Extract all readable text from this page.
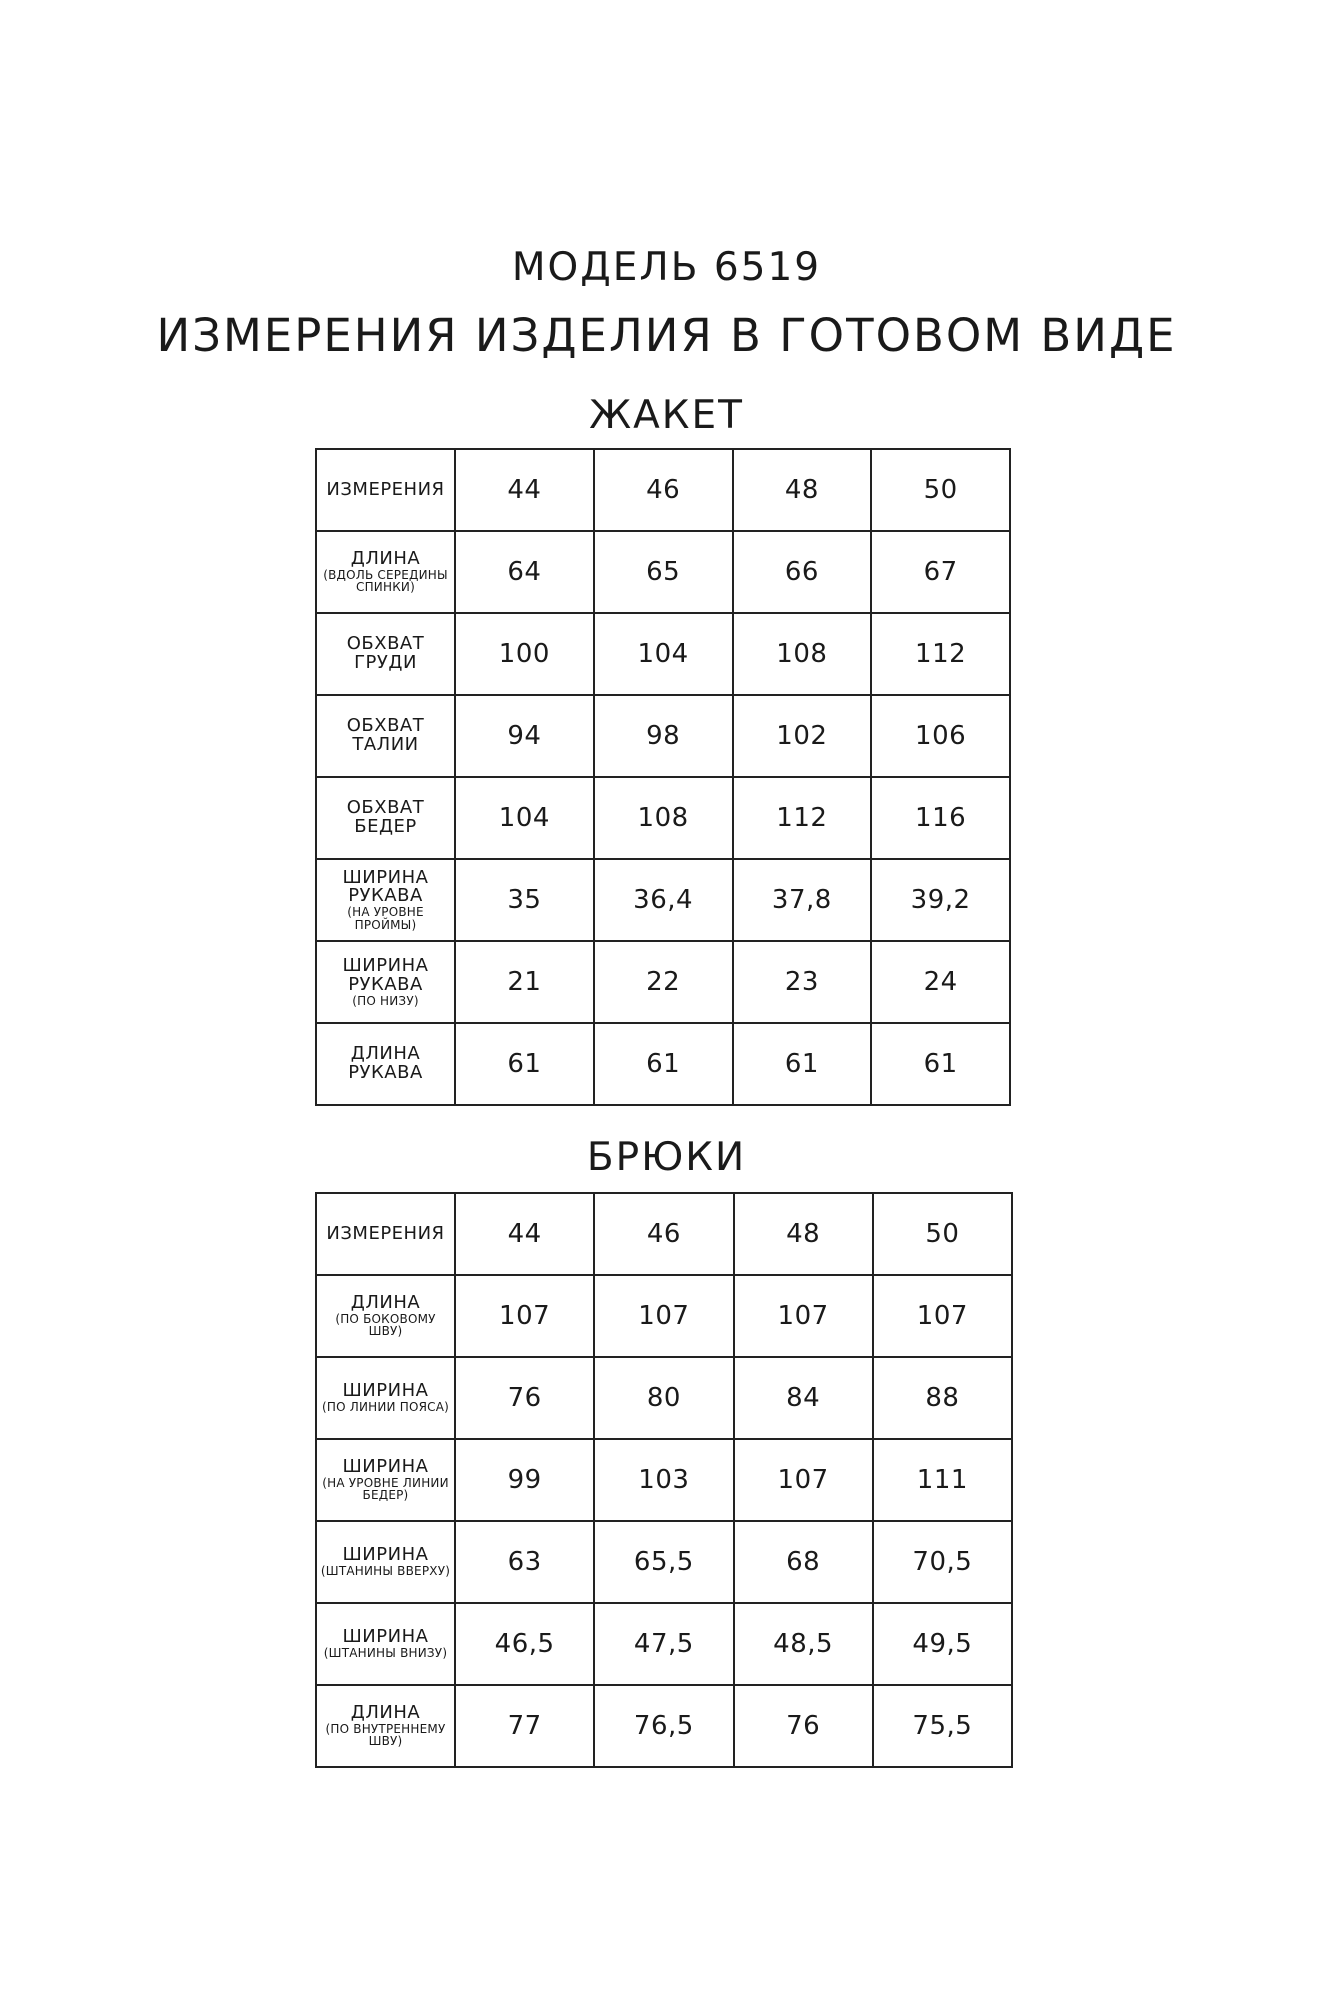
МОДЕЛЬ 6519
ИЗМЕРЕНИЯ ИЗДЕЛИЯ В ГОТОВОМ ВИДЕ
ЖАКЕТ
ИЗМЕРЕНИЯ	44	46	48	50

ДЛИНА
(ВДОЛЬ СЕРЕДИНЫ
СПИНКИ)	64	65	66	67

ОБХВАТ
ГРУДИ	100	104	108	112

ОБХВАТ
ТАЛИИ	94	98	102	106

ОБХВАТ
БЕДЕР	104	108	112	116

ШИРИНА
РУКАВА
(НА УРОВНЕ
ПРОЙМЫ)	35	36,4	37,8	39,2

ШИРИНА
РУКАВА
(ПО НИЗУ)	21	22	23	24

ДЛИНА
РУКАВА	61	61	61	61
БРЮКИ
ИЗМЕРЕНИЯ	44	46	48	50

ДЛИНА
(ПО БОКОВОМУ
ШВУ)	107	107	107	107

ШИРИНА
(ПО ЛИНИИ ПОЯСА)	76	80	84	88

ШИРИНА
(НА УРОВНЕ ЛИНИИ
БЕДЕР)	99	103	107	111

ШИРИНА
(ШТАНИНЫ ВВЕРХУ)	63	65,5	68	70,5

ШИРИНА
(ШТАНИНЫ ВНИЗУ)	46,5	47,5	48,5	49,5

ДЛИНА
(ПО ВНУТРЕННЕМУ
ШВУ)	77	76,5	76	75,5
